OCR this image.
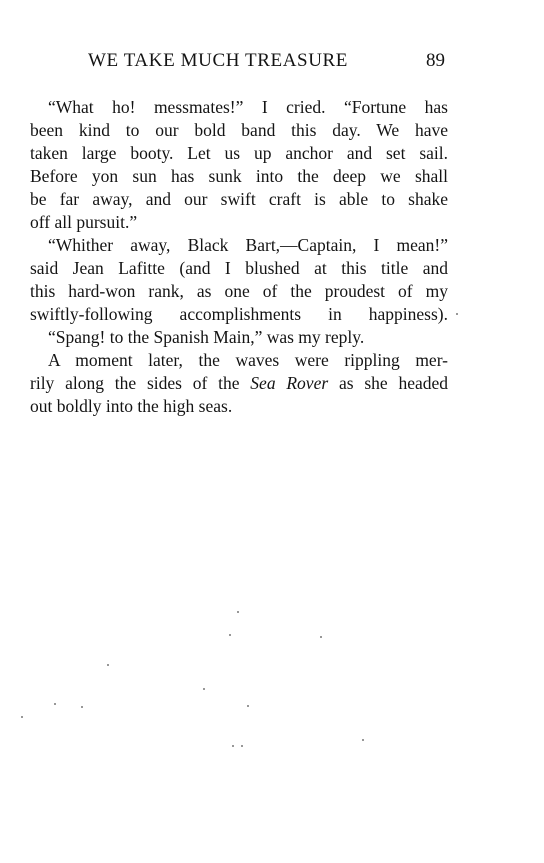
WE TAKE MUCH TREASURE	89
“What ho! messmates!” I cried. “Fortune has
been kind to our bold band this day. We have
taken large booty. Let us up anchor and set sail.
Before yon sun has sunk into the deep we shall
be far away, and our swift craft is able to shake
off all pursuit.”
“Whither away, Black Bart,—Captain, I mean!”
said Jean Lafitte (and I blushed at this title and
this hard-won rank, as one of the proudest of my
swiftly-following accomplishments in happiness).
“Spang! to the Spanish Main,” was my reply.
A moment later, the waves were rippling mer-
rily along the sides of the Sea Rover as she headed
out boldly into the high seas.
